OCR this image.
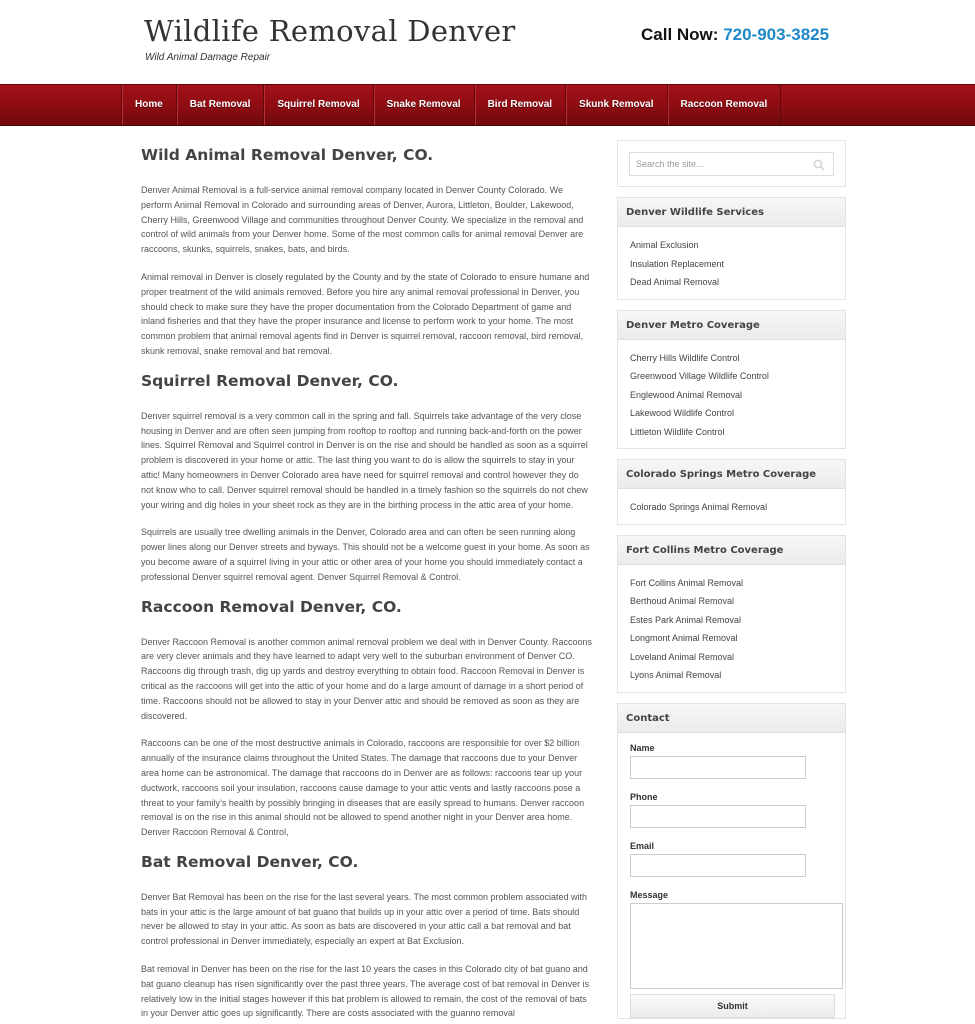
Wildlife Removal Denver
Wild Animal Damage Repair
Call Now: 720-903-3825
Home	Bat Removal	Squirrel Removal	Snake Removal	Bird Removal	Skunk Removal	Raccoon Removal
Wild Animal Removal Denver, CO.

Denver Animal Removal is a full-service animal removal company located in Denver County Colorado. We perform Animal Removal in Colorado and surrounding areas of Denver, Aurora, Littleton, Boulder, Lakewood, Cherry Hills, Greenwood Village and communities throughout Denver County. We specialize in the removal and control of wild animals from your Denver home. Some of the most common calls for animal removal Denver are raccoons, skunks, squirrels, snakes, bats, and birds.

Animal removal in Denver is closely regulated by the County and by the state of Colorado to ensure humane and proper treatment of the wild animals removed. Before you hire any animal removal professional in Denver, you should check to make sure they have the proper documentation from the Colorado Department of game and inland fisheries and that they have the proper insurance and license to perform work to your home. The most common problem that animal removal agents find in Denver is squirrel removal, raccoon removal, bird removal, skunk removal, snake removal and bat removal.

Squirrel Removal Denver, CO.

Denver squirrel removal is a very common call in the spring and fall. Squirrels take advantage of the very close housing in Denver and are often seen jumping from rooftop to rooftop and running back-and-forth on the power lines. Squirrel Removal and Squirrel control in Denver is on the rise and should be handled as soon as a squirrel problem is discovered in your home or attic. The last thing you want to do is allow the squirrels to stay in your attic! Many homeowners in Denver Colorado area have need for squirrel removal and control however they do not know who to call. Denver squirrel removal should be handled in a timely fashion so the squirrels do not chew your wiring and dig holes in your sheet rock as they are in the birthing process in the attic area of your home.

Squirrels are usually tree dwelling animals in the Denver, Colorado area and can often be seen running along power lines along our Denver streets and byways. This should not be a welcome guest in your home. As soon as you become aware of a squirrel living in your attic or other area of your home you should immediately contact a professional Denver squirrel removal agent. Denver Squirrel Removal & Control.

Raccoon Removal Denver, CO.

Denver Raccoon Removal is another common animal removal problem we deal with in Denver County. Raccoons are very clever animals and they have learned to adapt very well to the suburban environment of Denver CO. Raccoons dig through trash, dig up yards and destroy everything to obtain food. Raccoon Removal in Denver is critical as the raccoons will get into the attic of your home and do a large amount of damage in a short period of time. Raccoons should not be allowed to stay in your Denver attic and should be removed as soon as they are discovered.

Raccoons can be one of the most destructive animals in Colorado, raccoons are responsible for over $2 billion annually of the insurance claims throughout the United States. The damage that raccoons due to your Denver area home can be astronomical. The damage that raccoons do in Denver are as follows: raccoons tear up your ductwork, raccoons soil your insulation, raccoons cause damage to your attic vents and lastly raccoons pose a threat to your family’s health by possibly bringing in diseases that are easily spread to humans. Denver raccoon removal is on the rise in this animal should not be allowed to spend another night in your Denver area home. Denver Raccoon Removal & Control,

Bat Removal Denver, CO.

Denver Bat Removal has been on the rise for the last several years. The most common problem associated with bats in your attic is the large amount of bat guano that builds up in your attic over a period of time. Bats should never be allowed to stay in your attic. As soon as bats are discovered in your attic call a bat removal and bat control professional in Denver immediately, especially an expert at Bat Exclusion.

Bat removal in Denver has been on the rise for the last 10 years the cases in this Colorado city of bat guano and bat guano cleanup has risen significantly over the past three years. The average cost of bat removal in Denver is relatively low in the initial stages however if this bat problem is allowed to remain, the cost of the removal of bats in your Denver attic goes up significantly. There are costs associated with the guanno removal

Search the site...
Denver Wildlife Services
Animal Exclusion
Insulation Replacement
Dead Animal Removal
Denver Metro Coverage
Cherry Hills Wildlife Control
Greenwood Village Wildlife Control
Englewood Animal Removal
Lakewood Wildlife Control
Littleton Wildlife Control
Colorado Springs Metro Coverage
Colorado Springs Animal Removal
Fort Collins Metro Coverage
Fort Collins Animal Removal
Berthoud Animal Removal
Estes Park Animal Removal
Longmont Animal Removal
Loveland Animal Removal
Lyons Animal Removal
Contact
Name
Phone
Email
Message
Submit
